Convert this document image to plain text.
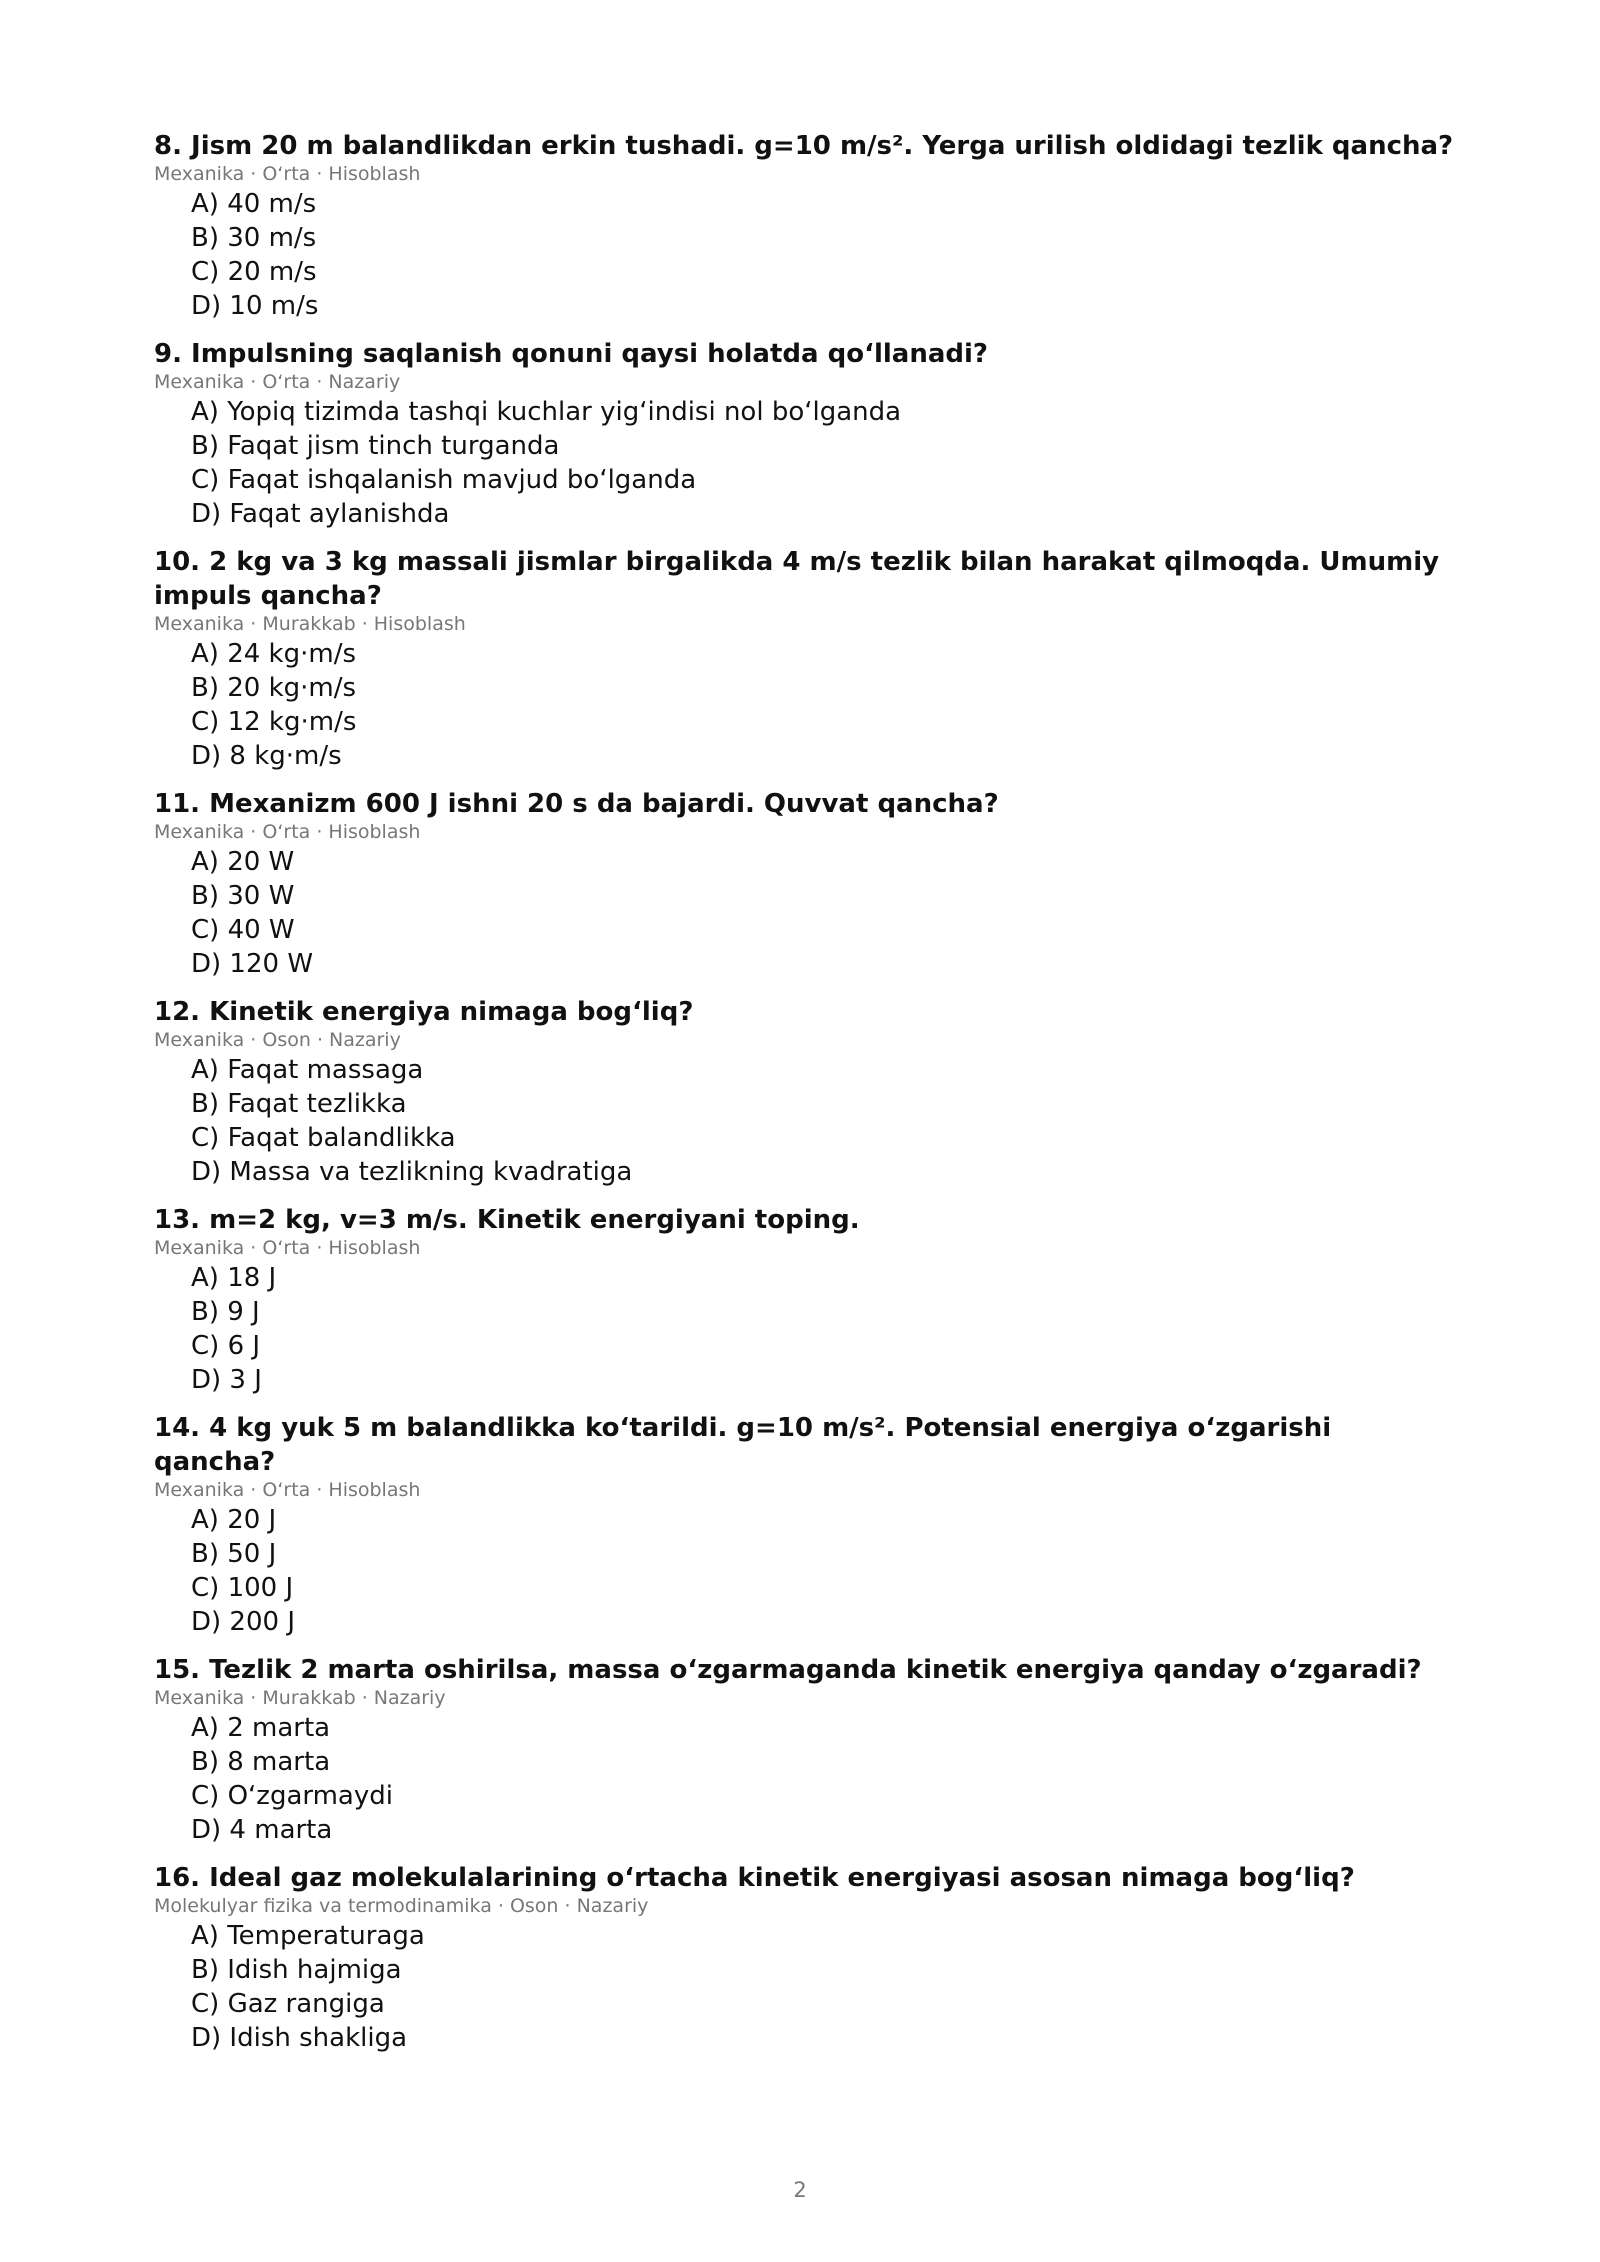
8. Jism 20 m balandlikdan erkin tushadi. g=10 m/s². Yerga urilish oldidagi tezlik qancha?
Mexanika · O‘rta · Hisoblash
A) 40 m/s
B) 30 m/s
C) 20 m/s
D) 10 m/s
9. Impulsning saqlanish qonuni qaysi holatda qo‘llanadi?
Mexanika · O‘rta · Nazariy
A) Yopiq tizimda tashqi kuchlar yig‘indisi nol bo‘lganda
B) Faqat jism tinch turganda
C) Faqat ishqalanish mavjud bo‘lganda
D) Faqat aylanishda
10. 2 kg va 3 kg massali jismlar birgalikda 4 m/s tezlik bilan harakat qilmoqda. Umumiy impuls qancha?
Mexanika · Murakkab · Hisoblash
A) 24 kg·m/s
B) 20 kg·m/s
C) 12 kg·m/s
D) 8 kg·m/s
11. Mexanizm 600 J ishni 20 s da bajardi. Quvvat qancha?
Mexanika · O‘rta · Hisoblash
A) 20 W
B) 30 W
C) 40 W
D) 120 W
12. Kinetik energiya nimaga bog‘liq?
Mexanika · Oson · Nazariy
A) Faqat massaga
B) Faqat tezlikka
C) Faqat balandlikka
D) Massa va tezlikning kvadratiga
13. m=2 kg, v=3 m/s. Kinetik energiyani toping.
Mexanika · O‘rta · Hisoblash
A) 18 J
B) 9 J
C) 6 J
D) 3 J
14. 4 kg yuk 5 m balandlikka ko‘tarildi. g=10 m/s². Potensial energiya o‘zgarishi qancha?
Mexanika · O‘rta · Hisoblash
A) 20 J
B) 50 J
C) 100 J
D) 200 J
15. Tezlik 2 marta oshirilsa, massa o‘zgarmaganda kinetik energiya qanday o‘zgaradi?
Mexanika · Murakkab · Nazariy
A) 2 marta
B) 8 marta
C) O‘zgarmaydi
D) 4 marta
16. Ideal gaz molekulalarining o‘rtacha kinetik energiyasi asosan nimaga bog‘liq?
Molekulyar fizika va termodinamika · Oson · Nazariy
A) Temperaturaga
B) Idish hajmiga
C) Gaz rangiga
D) Idish shakliga
2
